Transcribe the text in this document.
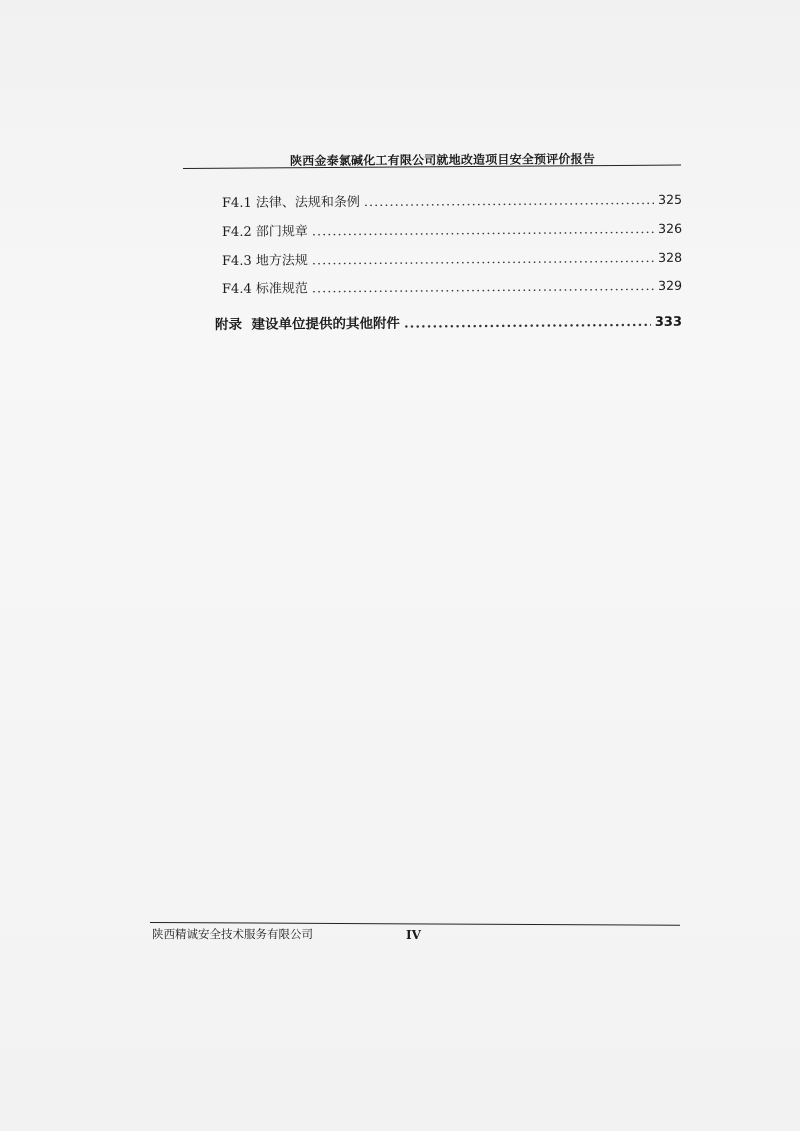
陕西金泰氯碱化工有限公司就地改造项目安全预评价报告
F4.1 法律、法规和条例 .....	325
F4.2 部门规章 .....	326
F4.3 地方法规 .....	328
F4.4 标准规范 .....	329
附录  建设单位提供的其他附件 .....	333
陕西精诚安全技术服务有限公司	IV
